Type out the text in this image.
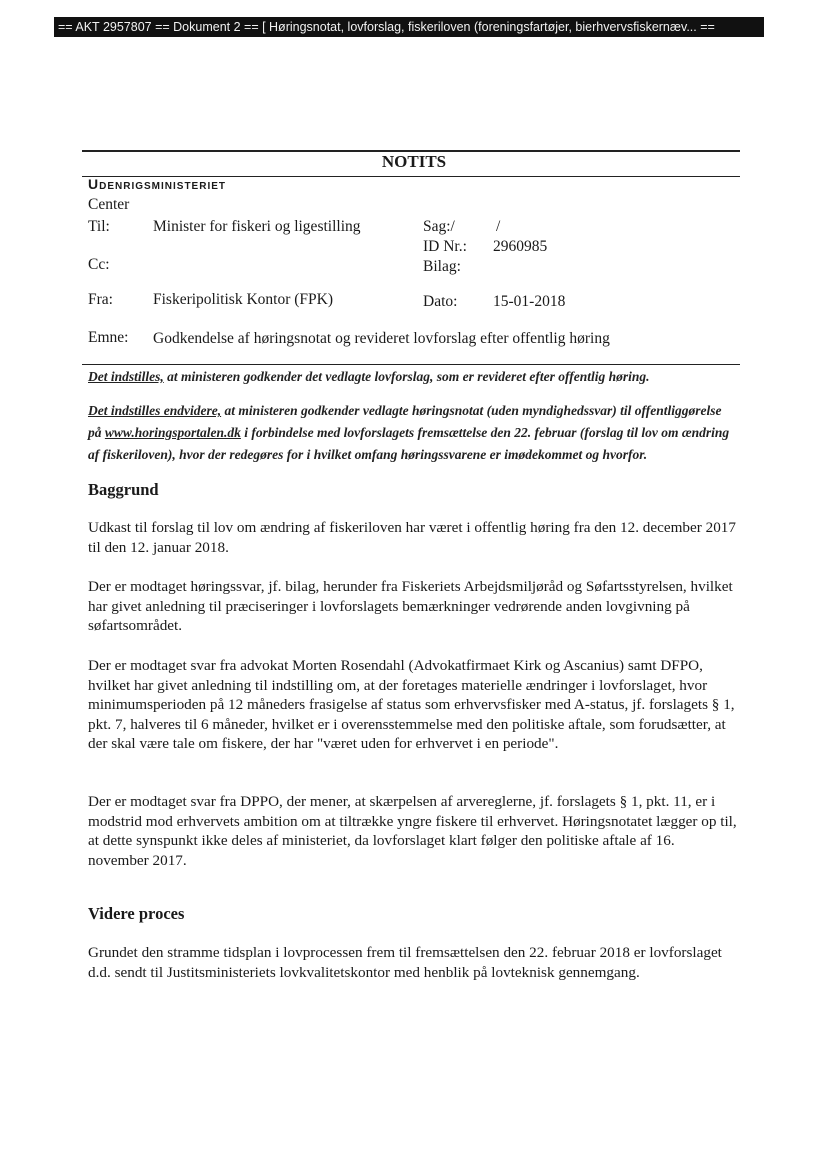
== AKT 2957807 == Dokument 2 == [ Høringsnotat, lovforslag, fiskeriloven (foreningsfartøjer, bierhvervsfiskernæv... ==
NOTITS
Udenrigsministeriet
Center
Til:	Minister for fiskeri og ligestilling	Sag:/	/
ID Nr.: 2960985
Cc:	Bilag:
Fra:	Fiskeripolitisk Kontor (FPK)	Dato: 15-01-2018
Emne: Godkendelse af høringsnotat og revideret lovforslag efter offentlig høring
Det indstilles, at ministeren godkender det vedlagte lovforslag, som er revideret efter offentlig høring.
Det indstilles endvidere, at ministeren godkender vedlagte høringsnotat (uden myndighedssvar) til offentliggørelse på www.horingsportalen.dk i forbindelse med lovforslagets fremsættelse den 22. februar (forslag til lov om ændring af fiskeriloven), hvor der redegøres for i hvilket omfang høringssvarene er imødekommet og hvorfor.
Baggrund
Udkast til forslag til lov om ændring af fiskeriloven har været i offentlig høring fra den 12. december 2017 til den 12. januar 2018.
Der er modtaget høringssvar, jf. bilag, herunder fra Fiskeriets Arbejdsmiljøråd og Søfartsstyrelsen, hvilket har givet anledning til præciseringer i lovforslagets bemærkninger vedrørende anden lovgivning på søfartsområdet.
Der er modtaget svar fra advokat Morten Rosendahl (Advokatfirmaet Kirk og Ascanius) samt DFPO, hvilket har givet anledning til indstilling om, at der foretages materielle ændringer i lovforslaget, hvor minimumsperioden på 12 måneders frasigelse af status som erhvervsfisker med A-status, jf. forslagets § 1, pkt. 7, halveres til 6 måneder, hvilket er i overensstemmelse med den politiske aftale, som forudsætter, at der skal være tale om fiskere, der har "været uden for erhvervet i en periode".
Der er modtaget svar fra DPPO, der mener, at skærpelsen af arvereglerne, jf. forslagets § 1, pkt. 11, er i modstrid mod erhvervets ambition om at tiltrække yngre fiskere til erhvervet. Høringsnotatet lægger op til, at dette synspunkt ikke deles af ministeriet, da lovforslaget klart følger den politiske aftale af 16. november 2017.
Videre proces
Grundet den stramme tidsplan i lovprocessen frem til fremsættelsen den 22. februar 2018 er lovforslaget d.d. sendt til Justitsministeriets lovkvalitetskontor med henblik på lovteknisk gennemgang.
